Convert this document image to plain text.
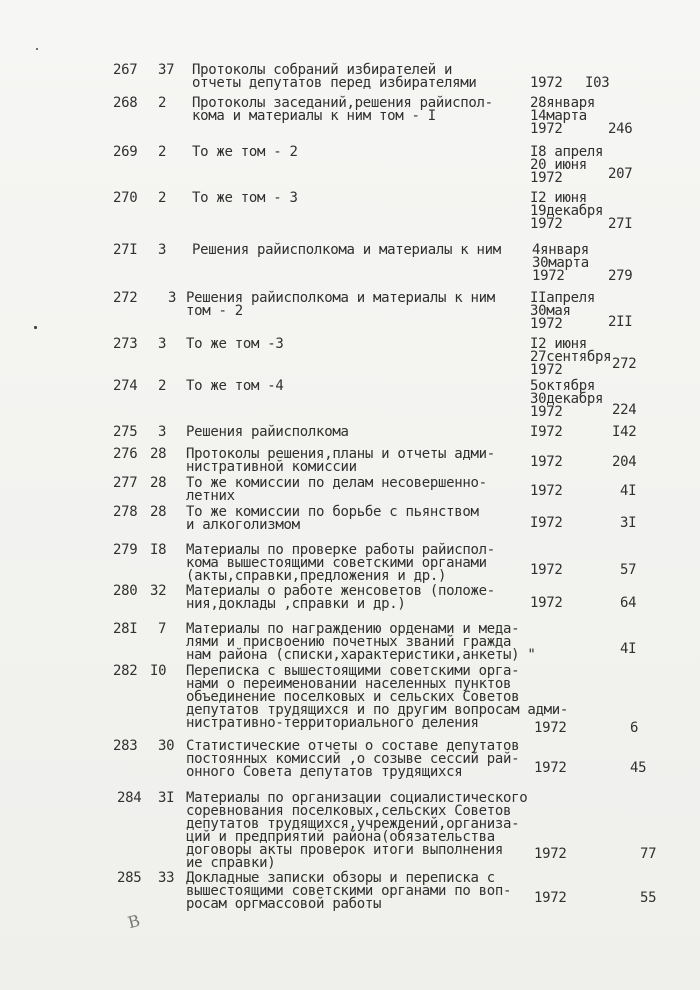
267 37 Протоколы собраний избирателей и
отчеты депутатов перед избирателями	1972 I03
268 2 Протоколы заседаний,решения райиспол-
кома и материалы к ним том - I
28января
14марта
1972	246
269 2 То же том - 2	I8 апреля
20 июня
1972	207
270 2 То же том - 3	I2 июня
19декабря
1972	27I
27I 3 Решения райисполкома и материалы к ним	4января
30марта
1972	279
272 3 Решения райисполкома и материалы к ним
том - 2
IIапреля
30мая
1972	2II
273 3 То же том -3	I2 июня
27сентября
1972	272
274 2 То же том -4	5октября
30декабря
1972	224
275 3 Решения райисполкома	I972	I42
276 28 Протоколы решения,планы и отчеты адми-
нистративной комиссии	1972	204
277 28 То же комиссии по делам несовершенно-
летних	1972	4I
278 28 То же комиссии по борьбе с пьянством
и алкоголизмом	I972	3I
279 I8 Материалы по проверке работы райиспол-
кома вышестоящими советскими органами
(акты,справки,предложения и др.)	1972	57
280 32 Материалы о работе женсоветов (положе-
ния,доклады ,справки и др.)	1972	64
28I 7 Материалы по награждению орденами и меда-
лями и присвоению почетных званий гражда
нам района (списки,характеристики,анкеты) "	4I
282 I0 Переписка с вышестоящими советскими орга-
нами о переименовании населенных пунктов
объединение поселковых и сельских Советов
депутатов трудящихся и по другим вопросам адми-
нистративно-территориального деления	1972	6
283 30 Статистические отчеты о составе депутатов
постоянных комиссий ,о созыве сессий рай-
онного Совета депутатов трудящихся	1972	45
284 3I Материалы по организации социалистического
соревнования поселковых,сельских Советов
депутатов трудящихся,учреждений,организа-
ций и предприятий района(обязательства
договоры акты проверок итоги выполнения
ие справки)
1972	77
285 33 Докладные записки обзоры и переписка с
вышестоящими советскими органами по воп-
росам оргмассовой работы	1972	55
В
